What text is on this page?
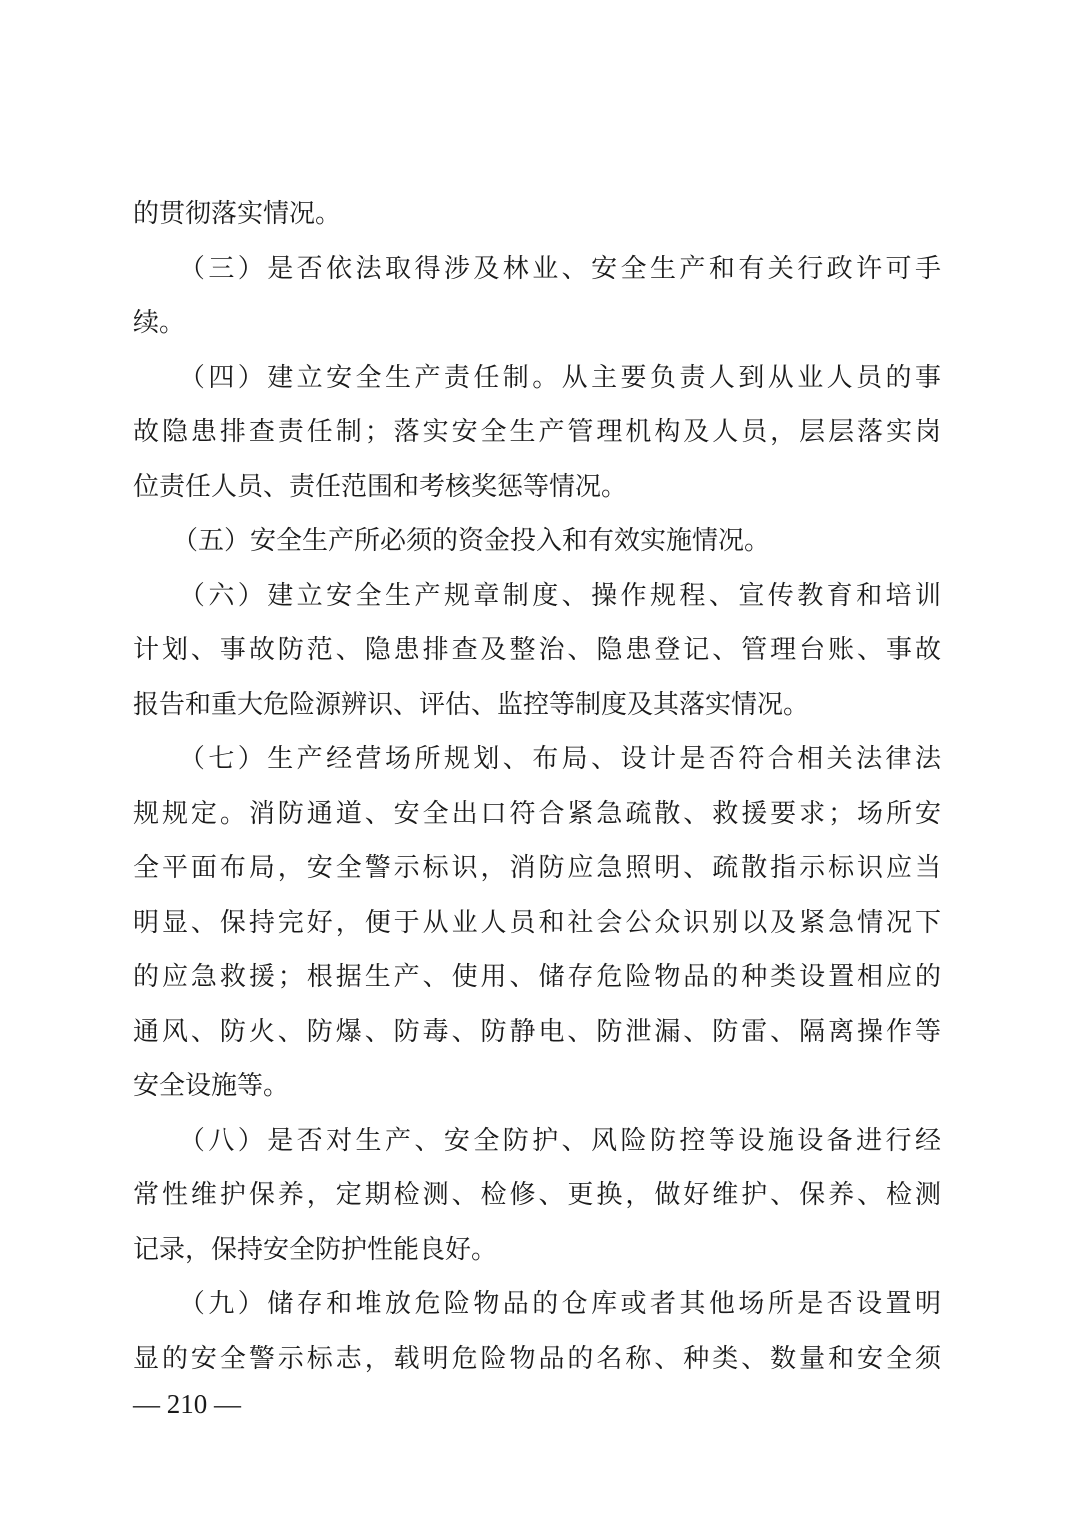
的贯彻落实情况。
　　（三）是否依法取得涉及林业、安全生产和有关行政许可手
续。
　　（四）建立安全生产责任制。从主要负责人到从业人员的事
故隐患排查责任制；落实安全生产管理机构及人员，层层落实岗
位责任人员、责任范围和考核奖惩等情况。
　　（五）安全生产所必须的资金投入和有效实施情况。
　　（六）建立安全生产规章制度、操作规程、宣传教育和培训
计划、事故防范、隐患排查及整治、隐患登记、管理台账、事故
报告和重大危险源辨识、评估、监控等制度及其落实情况。
　　（七）生产经营场所规划、布局、设计是否符合相关法律法
规规定。消防通道、安全出口符合紧急疏散、救援要求；场所安
全平面布局，安全警示标识，消防应急照明、疏散指示标识应当
明显、保持完好，便于从业人员和社会公众识别以及紧急情况下
的应急救援；根据生产、使用、储存危险物品的种类设置相应的
通风、防火、防爆、防毒、防静电、防泄漏、防雷、隔离操作等
安全设施等。
　　（八）是否对生产、安全防护、风险防控等设施设备进行经
常性维护保养，定期检测、检修、更换，做好维护、保养、检测
记录，保持安全防护性能良好。
　　（九）储存和堆放危险物品的仓库或者其他场所是否设置明
显的安全警示标志，载明危险物品的名称、种类、数量和安全须
— 210 —
